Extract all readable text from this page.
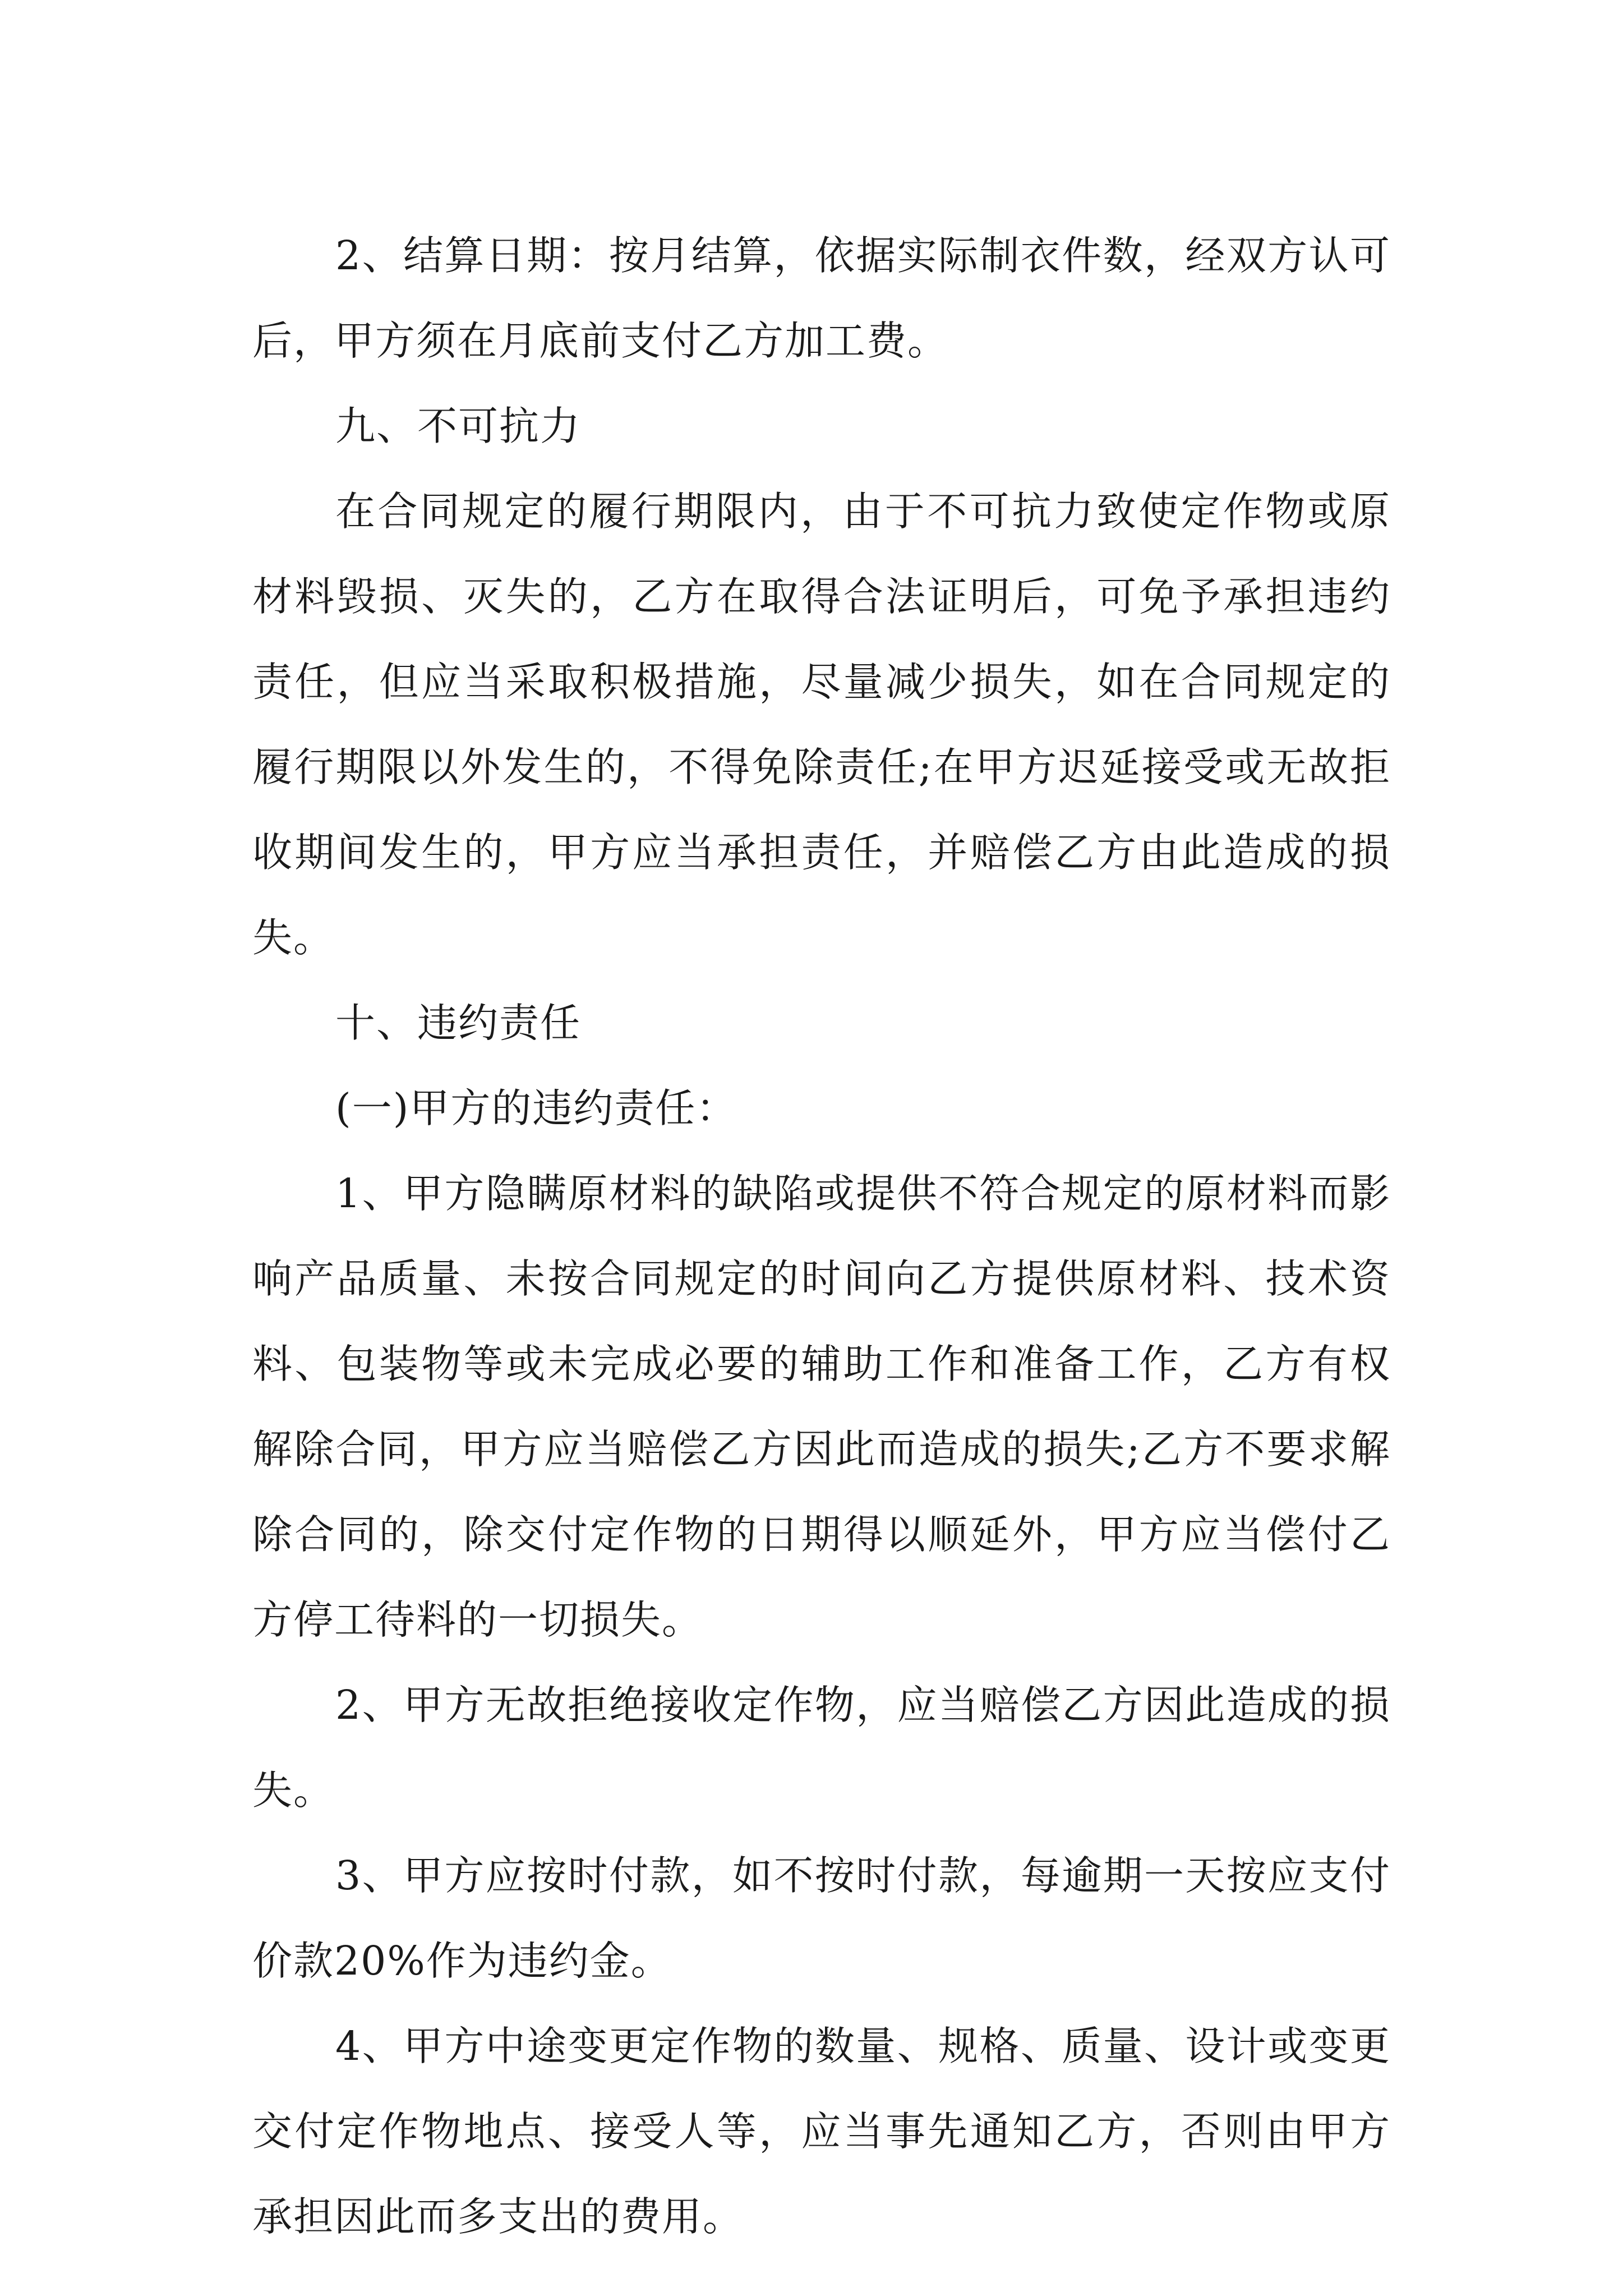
2、结算日期：按月结算，依据实际制衣件数，经双方认可后，甲方须在月底前支付乙方加工费。

九、不可抗力

在合同规定的履行期限内，由于不可抗力致使定作物或原材料毁损、灭失的，乙方在取得合法证明后，可免予承担违约责任，但应当采取积极措施，尽量减少损失，如在合同规定的履行期限以外发生的，不得免除责任;在甲方迟延接受或无故拒收期间发生的，甲方应当承担责任，并赔偿乙方由此造成的损失。

十、违约责任

(一)甲方的违约责任：

1、甲方隐瞒原材料的缺陷或提供不符合规定的原材料而影响产品质量、未按合同规定的时间向乙方提供原材料、技术资料、包装物等或未完成必要的辅助工作和准备工作，乙方有权解除合同，甲方应当赔偿乙方因此而造成的损失;乙方不要求解除合同的，除交付定作物的日期得以顺延外，甲方应当偿付乙方停工待料的一切损失。

2、甲方无故拒绝接收定作物，应当赔偿乙方因此造成的损失。

3、甲方应按时付款，如不按时付款，每逾期一天按应支付价款20%作为违约金。

4、甲方中途变更定作物的数量、规格、质量、设计或变更交付定作物地点、接受人等，应当事先通知乙方，否则由甲方承担因此而多支出的费用。
